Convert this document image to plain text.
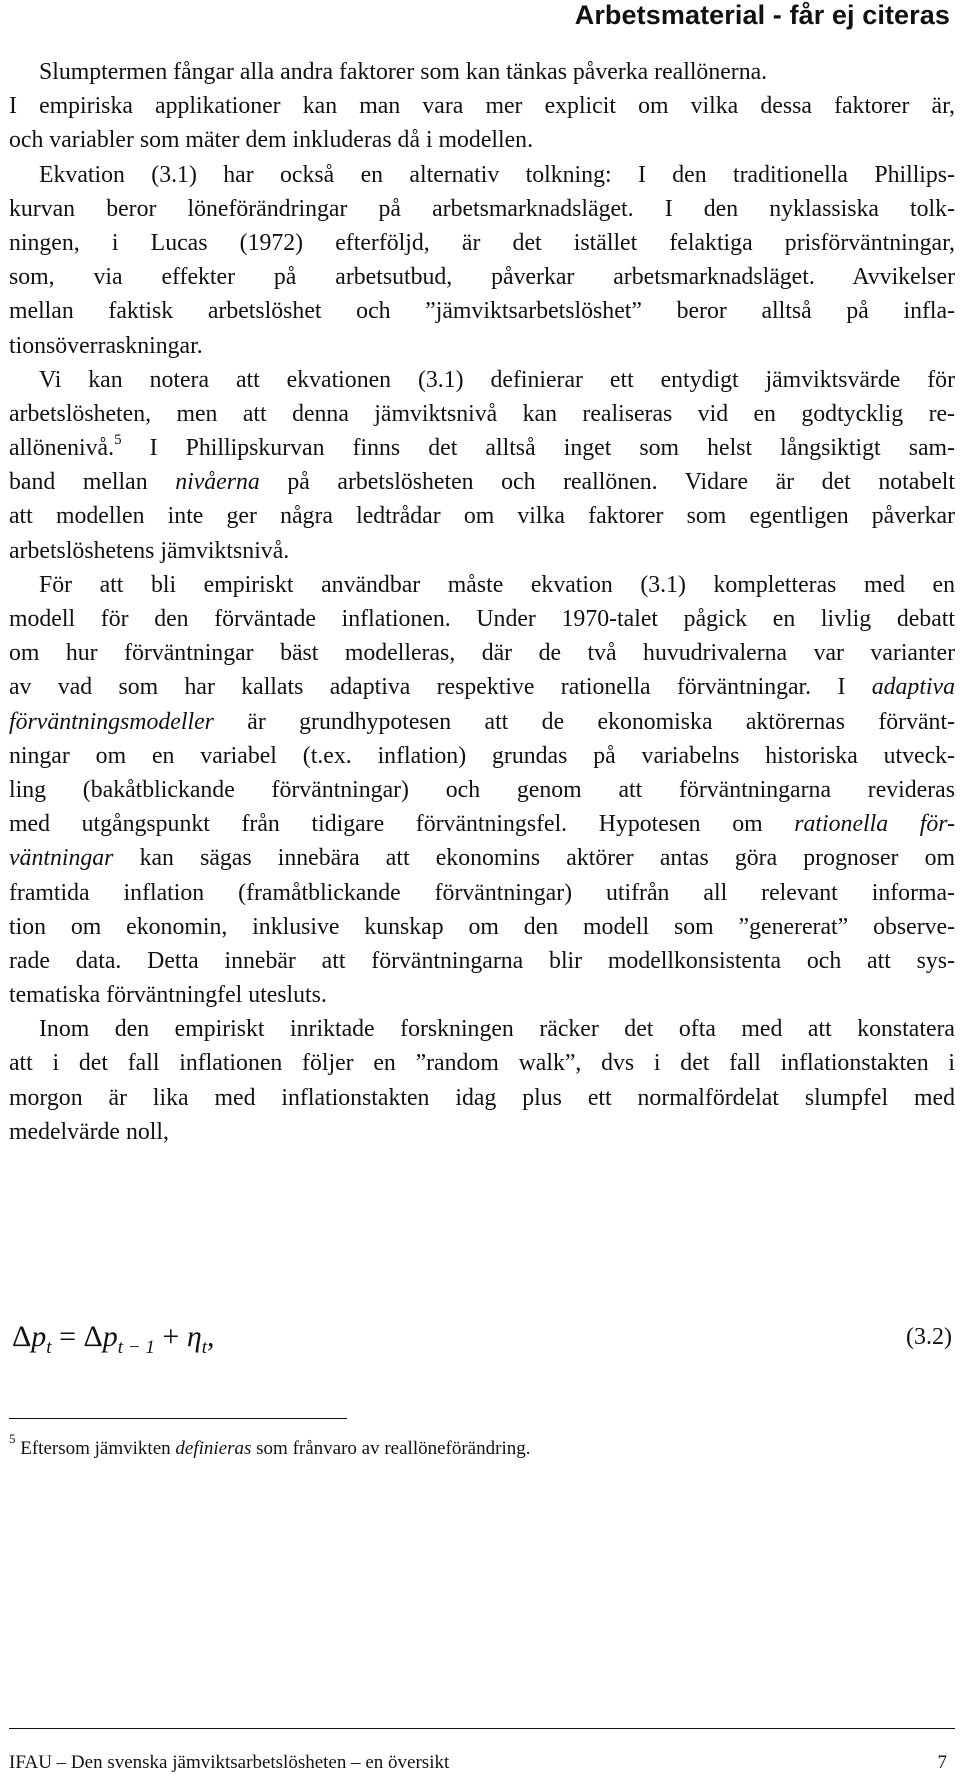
Arbetsmaterial - får ej citeras
Slumptermen fångar alla andra faktorer som kan tänkas påverka reallönerna.
I empiriska applikationer kan man vara mer explicit om vilka dessa faktorer är,
och variabler som mäter dem inkluderas då i modellen.
Ekvation (3.1) har också en alternativ tolkning: I den traditionella Phillips-
kurvan beror löneförändringar på arbetsmarknadsläget. I den nyklassiska tolk-
ningen, i Lucas (1972) efterföljd, är det istället felaktiga prisförväntningar,
som, via effekter på arbetsutbud, påverkar arbetsmarknadsläget. Avvikelser
mellan faktisk arbetslöshet och ”jämviktsarbetslöshet” beror alltså på infla-
tionsöverraskningar.
Vi kan notera att ekvationen (3.1) definierar ett entydigt jämviktsvärde för
arbetslösheten, men att denna jämviktsnivå kan realiseras vid en godtycklig re-
allönenivå.$^5$ I Phillipskurvan finns det alltså inget som helst långsiktigt sam-
band mellan nivåerna på arbetslösheten och reallönen. Vidare är det notabelt
att modellen inte ger några ledtrådar om vilka faktorer som egentligen påverkar
arbetslöshetens jämviktsnivå.
För att bli empiriskt användbar måste ekvation (3.1) kompletteras med en
modell för den förväntade inflationen. Under 1970-talet pågick en livlig debatt
om hur förväntningar bäst modelleras, där de två huvudrivalerna var varianter
av vad som har kallats adaptiva respektive rationella förväntningar. I adaptiva
förväntningsmodeller är grundhypotesen att de ekonomiska aktörernas förvänt-
ningar om en variabel (t.ex. inflation) grundas på variabelns historiska utveck-
ling (bakåtblickande förväntningar) och genom att förväntningarna revideras
med utgångspunkt från tidigare förväntningsfel. Hypotesen om rationella för-
väntningar kan sägas innebära att ekonomins aktörer antas göra prognoser om
framtida inflation (framåtblickande förväntningar) utifrån all relevant informa-
tion om ekonomin, inklusive kunskap om den modell som ”genererat” observe-
rade data. Detta innebär att förväntningarna blir modellkonsistenta och att sys-
tematiska förväntningfel utesluts.
Inom den empiriskt inriktade forskningen räcker det ofta med att konstatera
att i det fall inflationen följer en ”random walk”, dvs i det fall inflationstakten i
morgon är lika med inflationstakten idag plus ett normalfördelat slumpfel med
medelvärde noll,
$\Delta p_t = \Delta p_{t - 1} + \eta_t$,	(3.2)
$^5$ Eftersom jämvikten definieras som frånvaro av reallöneförändring.
IFAU – Den svenska jämviktsarbetslösheten – en översikt	7
